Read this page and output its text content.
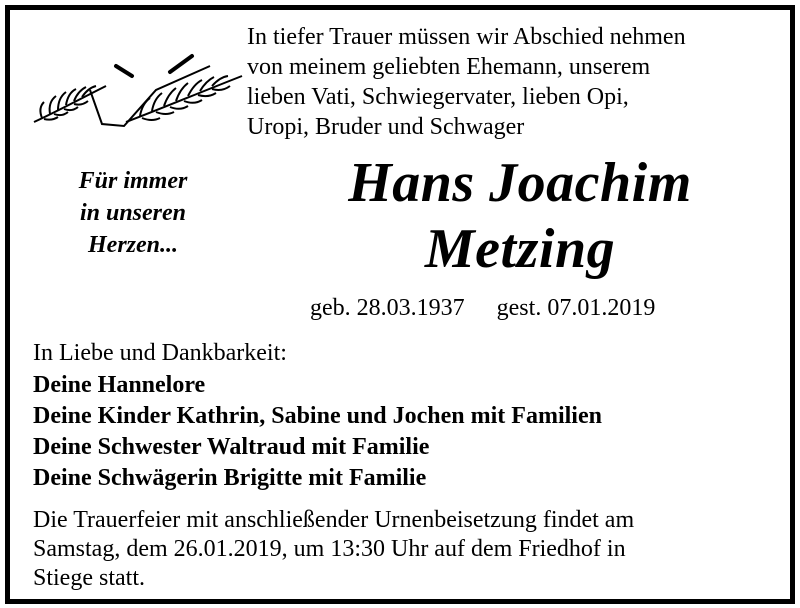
In tiefer Trauer müssen wir Abschied nehmen
von meinem geliebten Ehemann, unserem
lieben Vati, Schwiegervater, lieben Opi,
Uropi, Bruder und Schwager
Für immer
in unseren
Herzen...
Hans Joachim
Metzing
geb. 28.03.1937 gest. 07.01.2019
In Liebe und Dankbarkeit:
Deine Hannelore
Deine Kinder Kathrin, Sabine und Jochen mit Familien
Deine Schwester Waltraud mit Familie
Deine Schwägerin Brigitte mit Familie
Die Trauerfeier mit anschließender Urnenbeisetzung findet am
Samstag, dem 26.01.2019, um 13:30 Uhr auf dem Friedhof in
Stiege statt.
